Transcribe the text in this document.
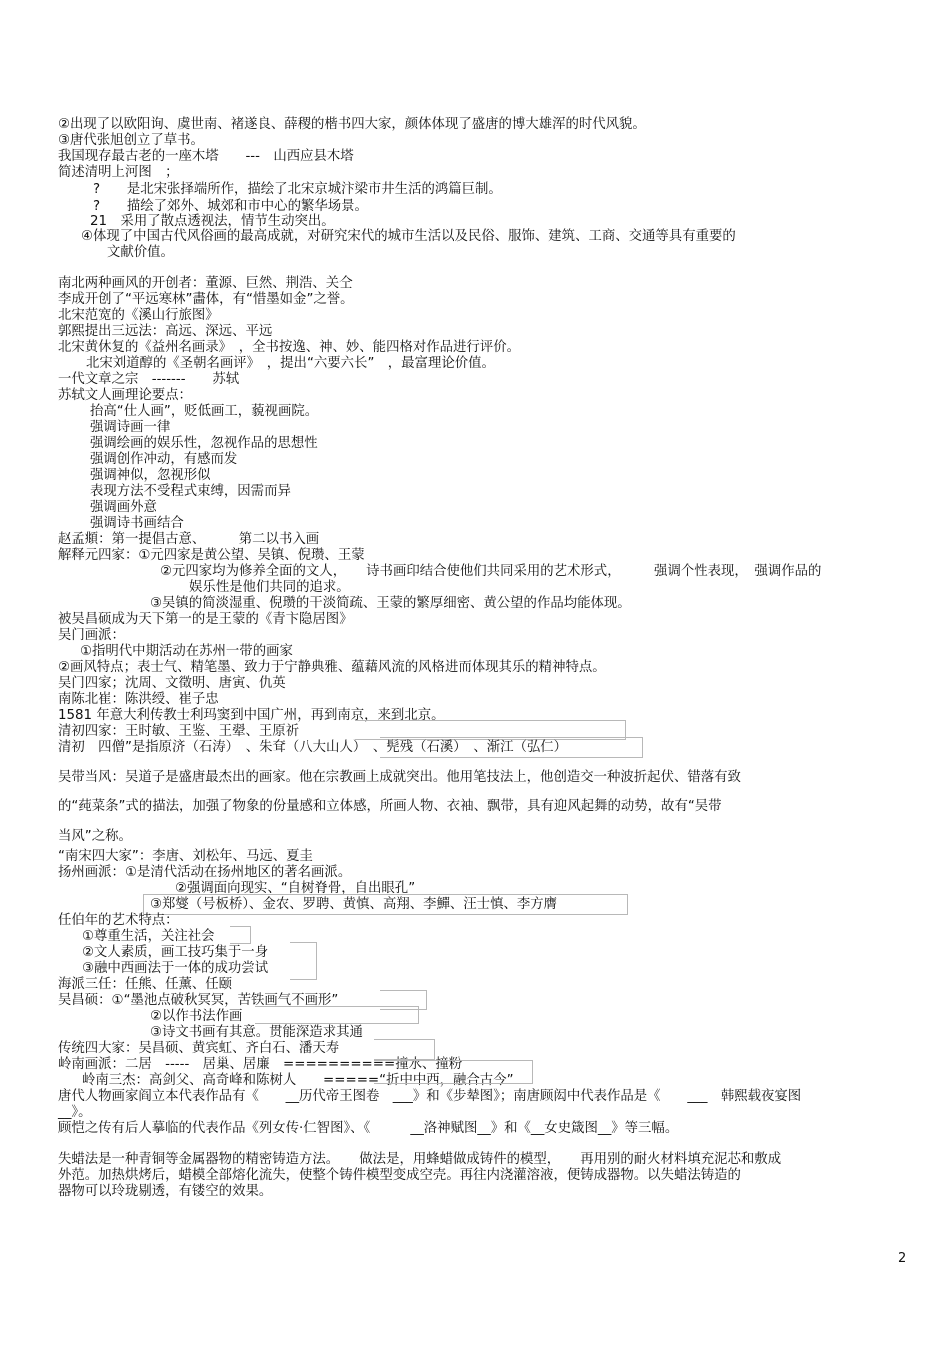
②出现了以欧阳询、虞世南、褚遂良、薛稷的楷书四大家，颜体体现了盛唐的博大雄浑的时代风貌。
③唐代张旭创立了草书。
我国现存最古老的一座木塔　　---　山西应县木塔
简述清明上河图　；
?　　是北宋张择端所作，描绘了北宋京城汴梁市井生活的鸿篇巨制。
?　　描绘了郊外、城郊和市中心的繁华场景。
21　采用了散点透视法，情节生动突出。
④体现了中国古代风俗画的最高成就，对研究宋代的城市生活以及民俗、服饰、建筑、工商、交通等具有重要的
文献价值。
南北两种画风的开创者：董源、巨然、荆浩、关仝
李成开创了“平远寒林”畵体，有“惜墨如金”之誉。
北宋范宽的《溪山行旅图》
郭熙提出三远法：高远、深远、平远
北宋黄休复的《益州名画录》　，全书按逸、神、妙、能四格对作品进行评价。
北宋刘道醇的《圣朝名画评》　，提出“六要六长”　，最富理论价值。
一代文章之宗　-------　　苏轼
苏轼文人画理论要点：
抬高“仕人画”，贬低画工，藐视画院。
强调诗画一律
强调绘画的娱乐性，忽视作品的思想性
强调创作冲动，有感而发
强调神似，忽视形似
表现方法不受程式束缚，因需而异
强调画外意
强调诗书画结合
赵孟頫：第一提倡古意、　　　第二以书入画
解释元四家：①元四家是黄公望、吴镇、倪瓒、王蒙
②元四家均为修养全面的文人，　　诗书画印结合使他们共同采用的艺术形式，　　　强调个性表现，　强调作品的
娱乐性是他们共同的追求。
③吴镇的简淡湿重、倪瓒的干淡简疏、王蒙的繁厚细密、黄公望的作品均能体现。
被吴昌硕成为天下第一的是王蒙的《青卞隐居图》
吴门画派：
①指明代中期活动在苏州一带的画家
②画风特点；表士气、精笔墨、致力于宁静典雅、蕴藉风流的风格进而体现其乐的精神特点。
吴门四家；沈周、文徵明、唐寅、仇英
南陈北崔：陈洪绶、崔子忠
1581 年意大利传教士利玛窦到中国广州，再到南京，来到北京。
清初四家：王时敏、王鉴、王翚、王原祈
清初　四僧”是指原济（石涛）　、朱耷（八大山人）　、髡残（石溪）　、渐江（弘仁）
吴带当风：吴道子是盛唐最杰出的画家。他在宗教画上成就突出。他用笔技法上，他创造交一种波折起伏、错落有致
的“莼菜条”式的描法，加强了物象的份量感和立体感，所画人物、衣袖、飘带，具有迎风起舞的动势，故有“吴带
当风”之称。
“南宋四大家”：李唐、刘松年、马远、夏圭
扬州画派：①是清代活动在扬州地区的著名画派。
②强调面向现实、“自树脊骨，自出眼孔”
③郑燮（号板桥）、金农、罗聘、黄慎、高翔、李鱓、汪士慎、李方膺
任伯年的艺术特点：
①尊重生活，关注社会
②文人素质，画工技巧集于一身
③融中西画法于一体的成功尝试
海派三任：任熊、任薰、任颐
吴昌硕：①“墨池点破秋冥冥，苦铁画气不画形”
②以作书法作画
③诗文书画有其意。贯能深造求其通
传统四大家：吴昌硕、黄宾虹、齐白石、潘天寿
岭南画派：二居　-----　居巢、居廉　==========撞水、撞粉
岭南三杰：高剑父、高奇峰和陈树人　　=====“折中中西，融合古今”
唐代人物画家阎立本代表作品有《　　__历代帝王图卷　___》和《步辇图》；南唐顾闳中代表作品是《　　___　韩熙载夜宴图
__》。
顾恺之传有后人摹临的代表作品《列女传·仁智图》、《　　　__洛神赋图__》和《__女史箴图__》等三幅。
失蜡法是一种青铜等金属器物的精密铸造方法。　　做法是，用蜂蜡做成铸件的模型，　　再用别的耐火材料填充泥芯和敷成
外范。加热烘烤后，蜡模全部熔化流失，使整个铸件模型变成空壳。再往内浇灌溶液，便铸成器物。以失蜡法铸造的
器物可以玲珑剔透，有镂空的效果。
2
